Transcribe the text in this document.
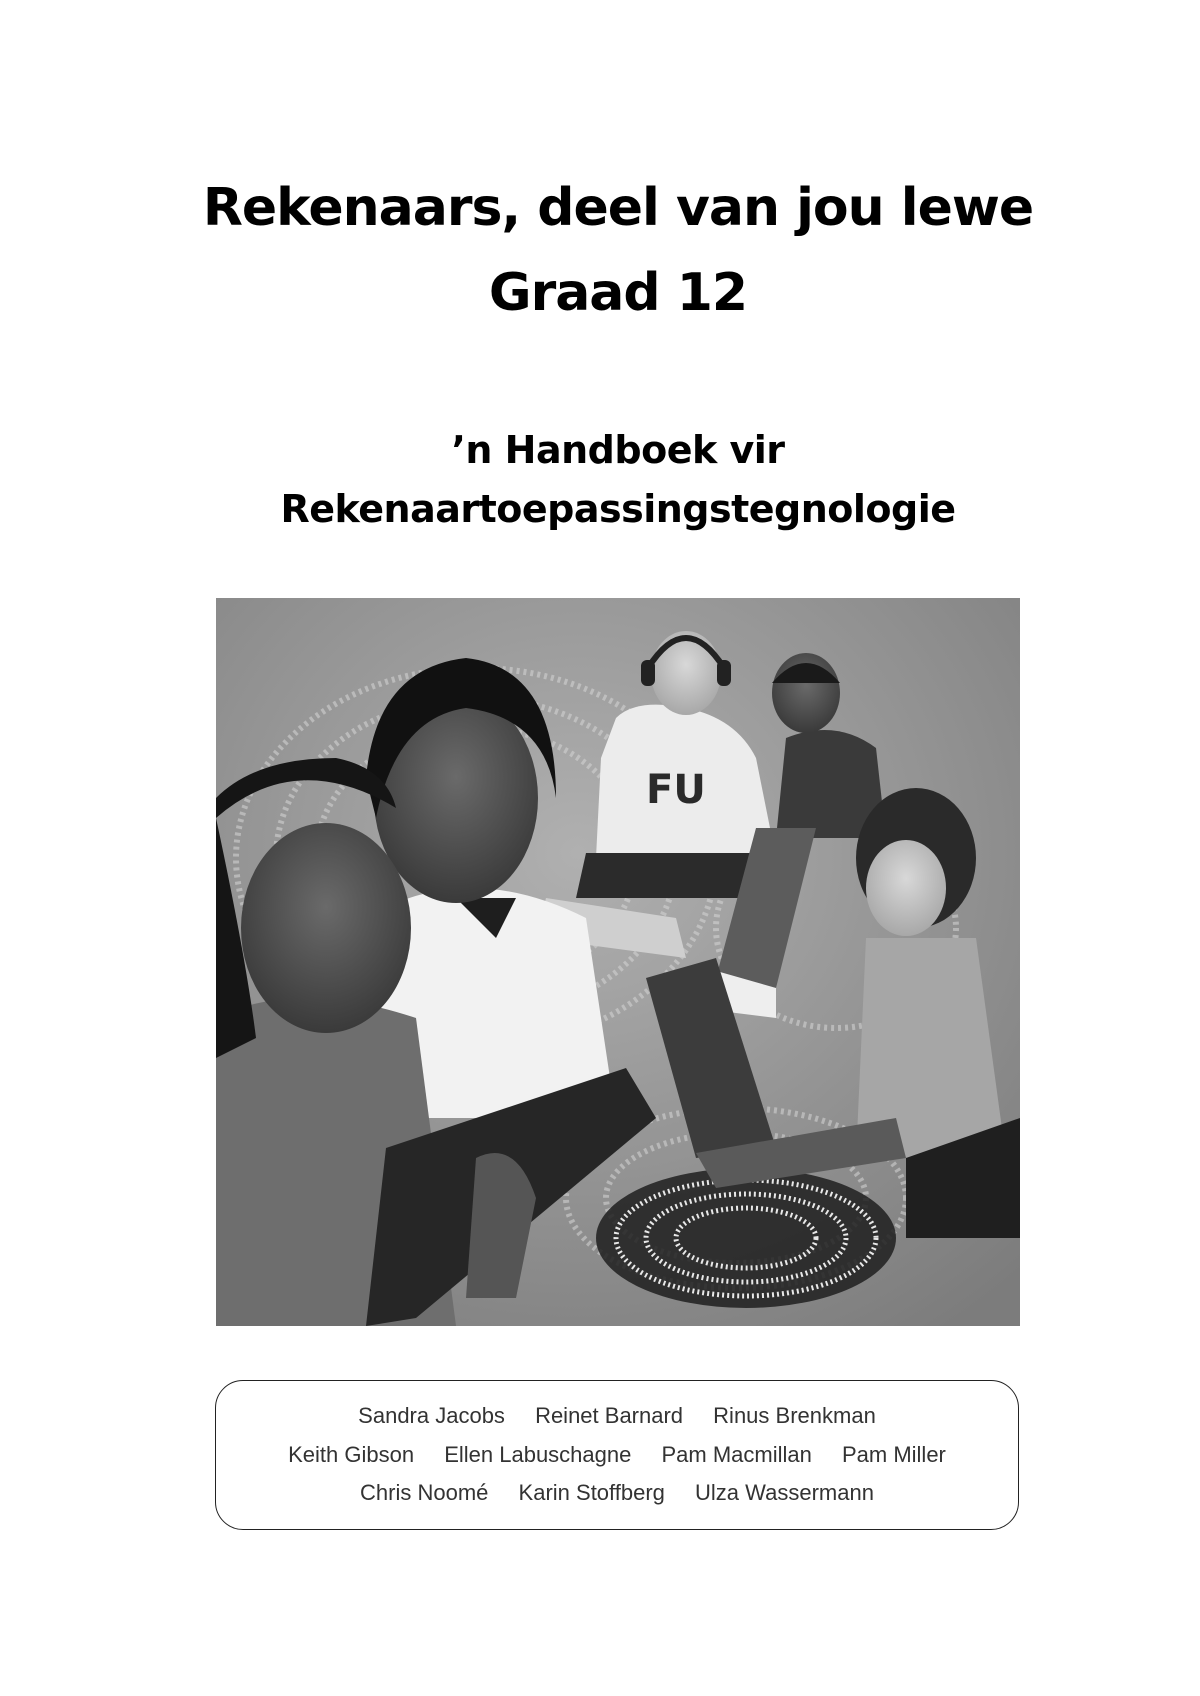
Rekenaars, deel van jou lewe
Graad 12
’n Handboek vir
Rekenaartoepassingstegnologie
FU
Sandra Jacobs Reinet Barnard Rinus Brenkman
Keith Gibson Ellen Labuschagne Pam Macmillan Pam Miller
Chris Noomé Karin Stoffberg Ulza Wassermann
